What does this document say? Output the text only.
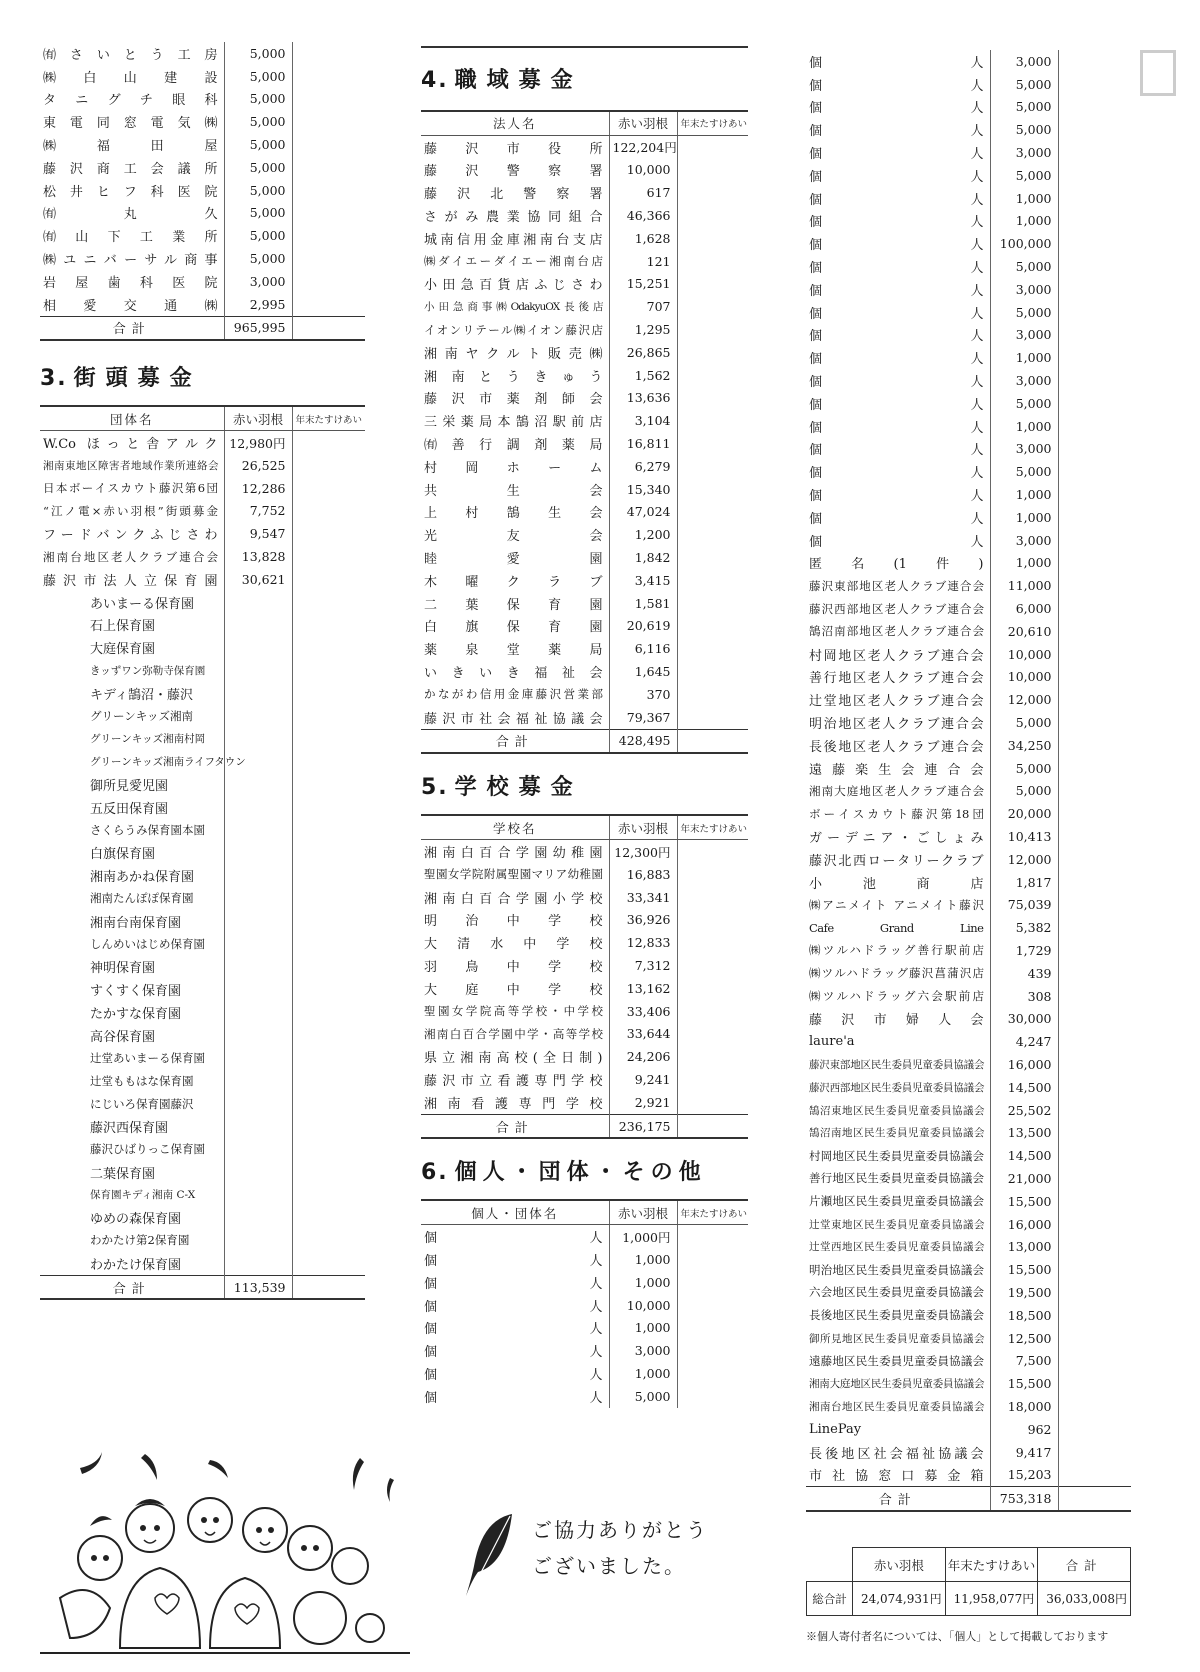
㈲さいとう工房	5,000	
㈱白山建設	5,000	
タニグチ眼科	5,000	
東電同窓電気㈱	5,000	
㈱福田屋	5,000	
藤沢商工会議所	5,000	
松井ヒフ科医院	5,000	
㈲丸久	5,000	
㈲山下工業所	5,000	
㈱ユニバーサル商事	5,000	
岩屋歯科医院	3,000	
相愛交通㈱	2,995	
合計	965,995	
3. 街頭募金
団体名	赤い羽根	年末たすけあい
W.Co ほっと舎アルク	12,980円	
湘南東地区障害者地域作業所連絡会	26,525	
日本ボーイスカウト藤沢第6団	12,286	
“江ノ電×赤い羽根”街頭募金	7,752	
フードバンクふじさわ	9,547	
湘南台地区老人クラブ連合会	13,828	
藤沢市法人立保育園	30,621	
あいまーる保育園		
石上保育園		
大庭保育園		
きッずワン弥勒寺保育園		
キディ鵠沼・藤沢		
グリーンキッズ湘南		
グリーンキッズ湘南村岡		
グリーンキッズ湘南ライフタウン		
御所見愛児園		
五反田保育園		
さくらうみ保育園本園		
白旗保育園		
湘南あかね保育園		
湘南たんぽぽ保育園		
湘南台南保育園		
しんめいはじめ保育園		
神明保育園		
すくすく保育園		
たかすな保育園		
高谷保育園		
辻堂あいまーる保育園		
辻堂ももはな保育園		
にじいろ保育園藤沢		
藤沢西保育園		
藤沢ひばりっこ保育園		
二葉保育園		
保育園キディ湘南 C-X		
ゆめの森保育園		
わかたけ第2保育園		
わかたけ保育園		
合計	113,539	
4. 職域募金
法人名	赤い羽根	年末たすけあい
藤沢市役所	122,204円	
藤沢警察署	10,000	
藤沢北警察署	617	
さがみ農業協同組合	46,366	
城南信用金庫湘南台支店	1,628	
㈱ダイエーダイエー湘南台店	121	
小田急百貨店ふじさわ	15,251	
小田急商事㈱OdakyuOX長後店	707	
イオンリテール㈱イオン藤沢店	1,295	
湘南ヤクルト販売㈱	26,865	
湘南とうきゅう	1,562	
藤沢市薬剤師会	13,636	
三栄薬局本鵠沼駅前店	3,104	
㈲善行調剤薬局	16,811	
村岡ホーム	6,279	
共生会	15,340	
上村鵠生会	47,024	
光友会	1,200	
睦愛園	1,842	
木曜クラブ	3,415	
二葉保育園	1,581	
白旗保育園	20,619	
薬泉堂薬局	6,116	
いきいき福祉会	1,645	
かながわ信用金庫藤沢営業部	370	
藤沢市社会福祉協議会	79,367	
合計	428,495	
5. 学校募金
学校名	赤い羽根	年末たすけあい
湘南白百合学園幼稚園	12,300円	
聖園女学院附属聖園マリア幼稚園	16,883	
湘南白百合学園小学校	33,341	
明治中学校	36,926	
大清水中学校	12,833	
羽鳥中学校	7,312	
大庭中学校	13,162	
聖園女学院高等学校・中学校	33,406	
湘南白百合学園中学・高等学校	33,644	
県立湘南高校(全日制)	24,206	
藤沢市立看護専門学校	9,241	
湘南看護専門学校	2,921	
合計	236,175	
6. 個人・団体・その他
個人・団体名	赤い羽根	年末たすけあい
個人	1,000円	
個人	1,000	
個人	1,000	
個人	10,000	
個人	1,000	
個人	3,000	
個人	1,000	
個人	5,000	
個人	3,000	
個人	5,000	
個人	5,000	
個人	5,000	
個人	3,000	
個人	5,000	
個人	1,000	
個人	1,000	
個人	100,000	
個人	5,000	
個人	3,000	
個人	5,000	
個人	3,000	
個人	1,000	
個人	3,000	
個人	5,000	
個人	1,000	
個人	3,000	
個人	5,000	
個人	1,000	
個人	1,000	
個人	3,000	
匿名(1件)	1,000	
藤沢東部地区老人クラブ連合会	11,000	
藤沢西部地区老人クラブ連合会	6,000	
鵠沼南部地区老人クラブ連合会	20,610	
村岡地区老人クラブ連合会	10,000	
善行地区老人クラブ連合会	10,000	
辻堂地区老人クラブ連合会	12,000	
明治地区老人クラブ連合会	5,000	
長後地区老人クラブ連合会	34,250	
遠藤楽生会連合会	5,000	
湘南大庭地区老人クラブ連合会	5,000	
ボーイスカウト藤沢第18団	20,000	
ガーデニア・ごしょみ	10,413	
藤沢北西ロータリークラブ	12,000	
小池商店	1,817	
㈱アニメイト アニメイト藤沢	75,039	
Cafe Grand Line	5,382	
㈱ツルハドラッグ善行駅前店	1,729	
㈱ツルハドラッグ藤沢菖蒲沢店	439	
㈱ツルハドラッグ六会駅前店	308	
藤沢市婦人会	30,000	
laure'a	4,247	
藤沢東部地区民生委員児童委員協議会	16,000	
藤沢西部地区民生委員児童委員協議会	14,500	
鵠沼東地区民生委員児童委員協議会	25,502	
鵠沼南地区民生委員児童委員協議会	13,500	
村岡地区民生委員児童委員協議会	14,500	
善行地区民生委員児童委員協議会	21,000	
片瀬地区民生委員児童委員協議会	15,500	
辻堂東地区民生委員児童委員協議会	16,000	
辻堂西地区民生委員児童委員協議会	13,000	
明治地区民生委員児童委員協議会	15,500	
六会地区民生委員児童委員協議会	19,500	
長後地区民生委員児童委員協議会	18,500	
御所見地区民生委員児童委員協議会	12,500	
遠藤地区民生委員児童委員協議会	7,500	
湘南大庭地区民生委員児童委員協議会	15,500	
湘南台地区民生委員児童委員協議会	18,000	
LinePay	962	
長後地区社会福祉協議会	9,417	
市社協窓口募金箱	15,203	
合計	753,318	
	赤い羽根	年末たすけあい	合計
総合計	24,074,931円	11,958,077円	36,033,008円
※個人寄付者名については、「個人」として掲載しております
ご協力ありがとう
ございました。
